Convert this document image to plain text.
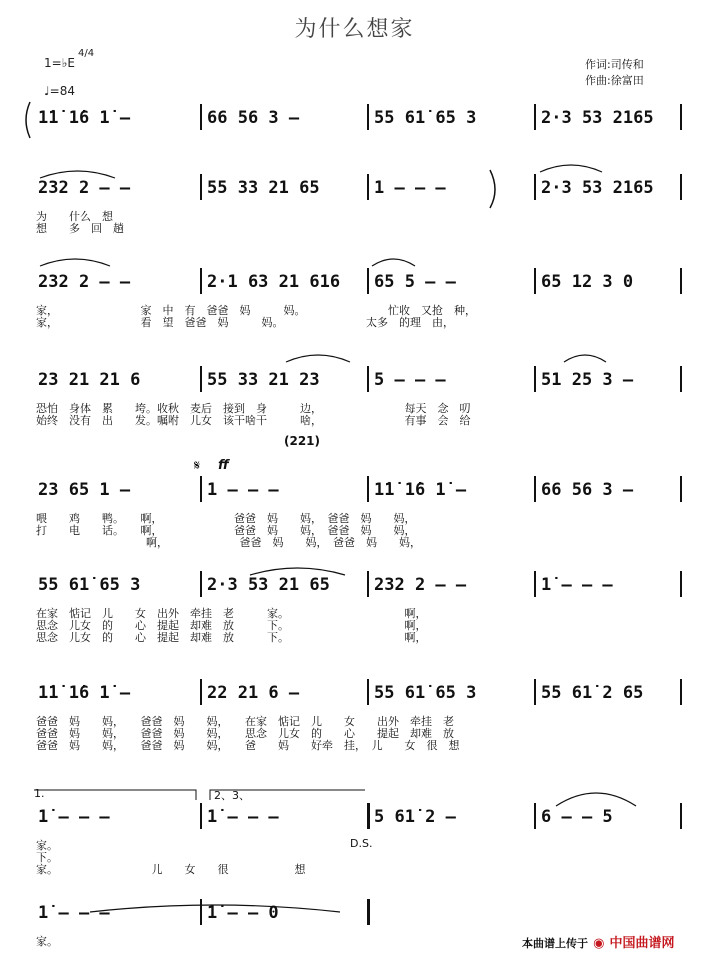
为什么想家
1=♭E
4/4
♩=84
作词:司传和
作曲:徐富田
1̇1̇ 1̇6 1̇ –	66 56 3 –	55 61̇ 65 3	2·3 53 2165
232 2 – –	55 33 21 65	1 – – –	2·3 53 2165
为　　什么　想
想　　多　回　趟
232 2 – –	2·1 63 21 616 65 5 – –	65 12 3 0
家，　　　　　　　　家　中　有　爸爸　妈　　　妈。　　　　　　　　忙收　又抢　种，
家，　　　　　　　　看　望　爸爸　妈　　　妈。　　　　　　　　太多　的理　由，
23 21 21 6	55 33 21 23	5 – – –	51 25 3 –
恐怕　身体　累　　垮。收秋　麦后　接到　身　　　边，　　　　　　　　每天　念　叨
始终　没有　出　　发。嘱咐　儿女　该干啥干　　　啥，　　　　　　　　有事　会　给
(221)
23 65 1 –	1 – – –	1̇1̇ 1̇6 1̇ –	66 56 3 –
喂　　鸡　　鸭。　　啊，　　　　　　　爸爸　妈　　妈，　爸爸　妈　　妈，
打　　电　　话。　　啊，　　　　　　　爸爸　妈　　妈，　爸爸　妈　　妈，
　　　　　　　　　　啊，　　　　　　　爸爸　妈　　妈，　爸爸　妈　　妈，
ff
55 61̇ 65 3	2·3 53 21 65	232 2 – –	1̇ – – –
在家　惦记　儿　　女　出外　牵挂　老　　　家。　　　　　　　　　　　啊，
思念　儿女　的　　心　提起　却难　放　　　下。　　　　　　　　　　　啊，
思念　儿女　的　　心　提起　却难　放　　　下。　　　　　　　　　　　啊，
1̇1̇ 1̇6 1̇ –	22 21 6 –	55 61̇ 65 3	55 61̇ 2 65
爸爸　妈　　妈，　　爸爸　妈　　妈，　　在家　惦记　儿　　女　　出外　牵挂　老
爸爸　妈　　妈，　　爸爸　妈　　妈，　　思念　儿女　的　　心　　提起　却难　放
爸爸　妈　　妈，　　爸爸　妈　　妈，　　爸　　妈　　好牵　挂，　儿　　女　很　想
1̇ – – –	1̇ – – –	5 61̇ 2 –	6 – – 5
家。
下。
家。　　　　　　　　　儿　　女　　很　　　　　　想
1.	2、3、
D.S.
1̇ – – –	1̇ – – 0
家。
𝄋
本曲谱上传于 ◉ 中国曲谱网
